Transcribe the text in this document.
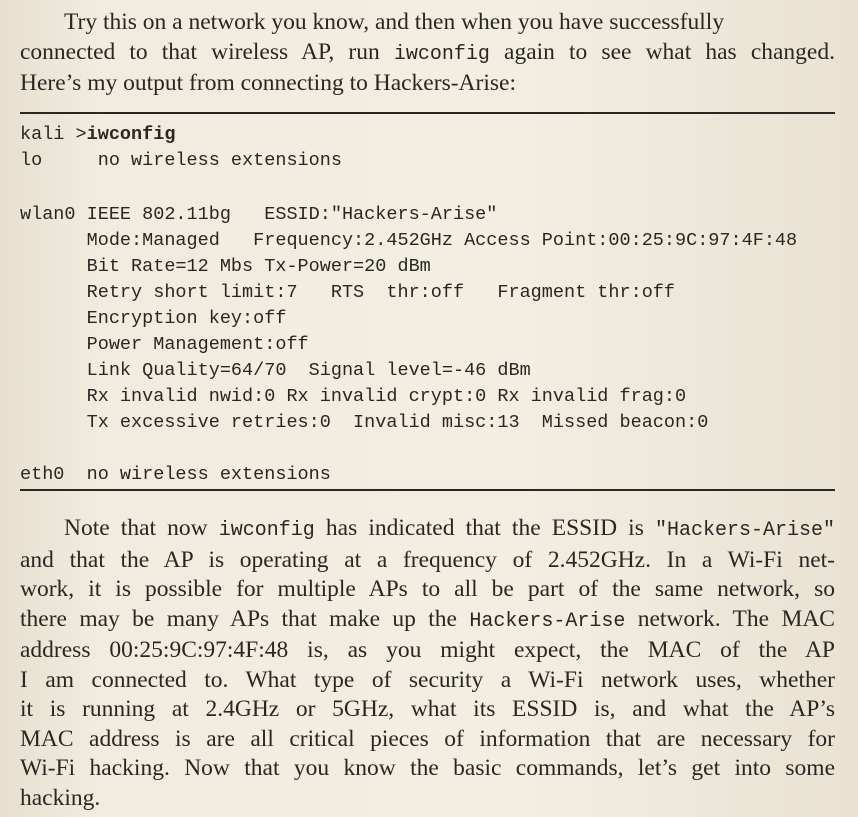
Try this on a network you know, and then when you have successfully
connected to that wireless AP, run iwconfig again to see what has changed.
Here’s my output from connecting to Hackers-Arise:
kali >iwconfig
lo     no wireless extensions
wlan0 IEEE 802.11bg   ESSID:"Hackers-Arise"
Mode:Managed   Frequency:2.452GHz Access Point:00:25:9C:97:4F:48
Bit Rate=12 Mbs Tx-Power=20 dBm
Retry short limit:7   RTS  thr:off   Fragment thr:off
Encryption key:off
Power Management:off
Link Quality=64/70  Signal level=-46 dBm
Rx invalid nwid:0 Rx invalid crypt:0 Rx invalid frag:0
Tx excessive retries:0  Invalid misc:13  Missed beacon:0
eth0  no wireless extensions
Note that now iwconfig has indicated that the ESSID is "Hackers-Arise"
and that the AP is operating at a frequency of 2.452GHz. In a Wi-Fi net-
work, it is possible for multiple APs to all be part of the same network, so
there may be many APs that make up the Hackers-Arise network. The MAC
address 00:25:9C:97:4F:48 is, as you might expect, the MAC of the AP
I am connected to. What type of security a Wi-Fi network uses, whether
it is running at 2.4GHz or 5GHz, what its ESSID is, and what the AP’s
MAC address is are all critical pieces of information that are necessary for
Wi-Fi hacking. Now that you know the basic commands, let’s get into some
hacking.
